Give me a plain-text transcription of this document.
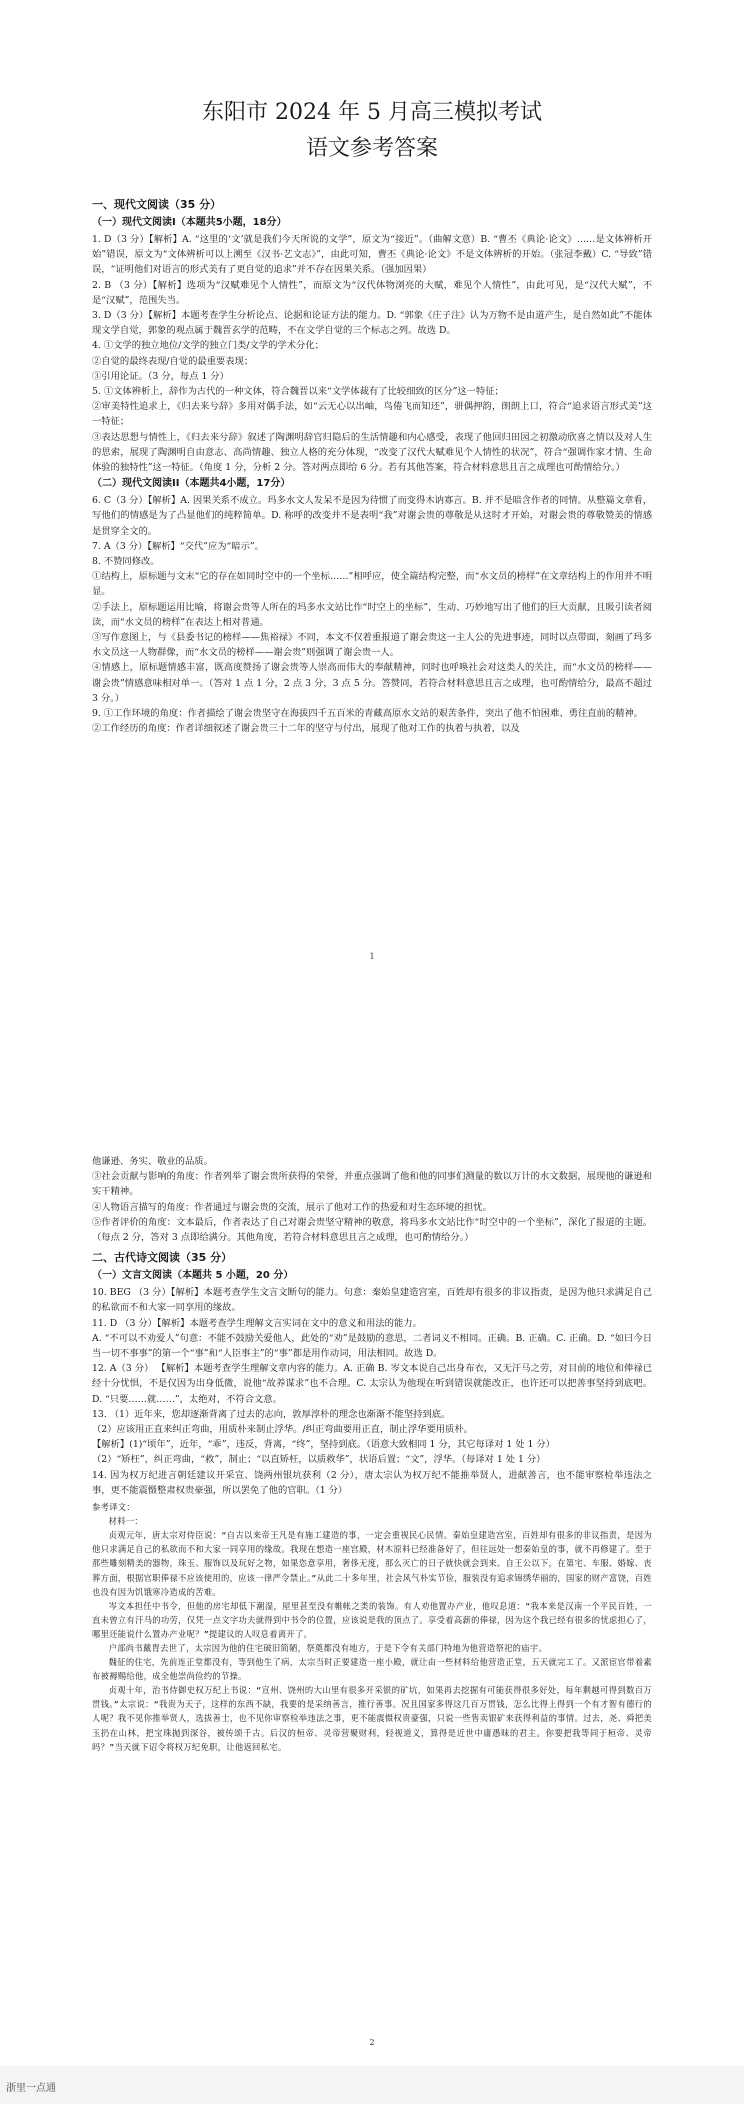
东阳市 2024 年 5 月高三模拟考试
语文参考答案
一、现代文阅读（35 分）
（一）现代文阅读I（本题共5小题，18分）

1. D（3 分）【解析】A. “这里的‘文’就是我们今天所说的文学”，原文为“接近”。（曲解文意）B. “曹丕《典论·论文》……是文体辨析开始”错误，原文为“文体辨析可以上溯至《汉书·艺文志》”，由此可知，曹丕《典论·论文》不是文体辨析的开始。（张冠李戴）C. “导致”错误，“证明他们对语言的形式美有了更自觉的追求”并不存在因果关系。（强加因果）

2. B （3 分）【解析】选项为“汉赋难见个人情性”，而原文为“汉代体物浏亮的大赋，难见个人情性”，由此可见，是“汉代大赋”，不是“汉赋”，范围失当。

3. D（3 分）【解析】本题考查学生分析论点、论据和论证方法的能力。D. “郭象《庄子注》认为万物不是由道产生，是自然如此”不能体现文学自觉，郭象的观点属于魏晋玄学的范畴，不在文学自觉的三个标志之列。故选 D。

4. ①文学的独立地位/文学的独立门类/文学的学术分化；

②自觉的最终表现/自觉的最重要表现；

③引用论证。（3 分，每点 1 分）

5. ①文体辨析上，辞作为古代的一种文体，符合魏晋以来“文学体裁有了比较细致的区分”这一特征；

②审美特性追求上，《归去来兮辞》多用对偶手法，如“云无心以出岫，鸟倦飞而知还”，骈偶押韵，朗朗上口，符合“追求语言形式美”这一特征；

③表达思想与情性上，《归去来兮辞》叙述了陶渊明辞官归隐后的生活情趣和内心感受，表现了他回归田园之初激动欣喜之情以及对人生的思索，展现了陶渊明自由意志、高尚情趣、独立人格的充分体现，“改变了汉代大赋难见个人情性的状况”，符合“强调作家才情、生命体验的独特性”这一特征。（角度 1 分，分析 2 分。答对两点即给 6 分。若有其他答案，符合材料意思且言之成理也可酌情给分。）

（二）现代文阅读II（本题共4小题，17分）

6. C（3 分）【解析】A. 因果关系不成立。玛多水文人发呆不是因为待惯了而变得木讷寡言。B. 并不是暗含作者的同情。从整篇文章看，写他们的情感是为了凸显他们的纯粹简单。D. 称呼的改变并不是表明“我”对谢会贵的尊敬是从这时才开始，对谢会贵的尊敬赞美的情感是贯穿全文的。

7. A（3 分）【解析】“交代”应为“暗示”。

8. 不赞同修改。

①结构上，原标题与文末“它的存在如同时空中的一个坐标……”相呼应，使全篇结构完整，而“水文员的榜样”在文章结构上的作用并不明显。

②手法上，原标题运用比喻，将谢会贵等人所在的玛多水文站比作“时空上的坐标”，生动、巧妙地写出了他们的巨大贡献，且吸引读者阅读，而“水文员的榜样”在表达上相对普通。

③写作意图上，与《县委书记的榜样——焦裕禄》不同，本文不仅着重报道了谢会贵这一主人公的先进事迹，同时以点带面，刻画了玛多水文员这一人物群像，而“水文员的榜样——谢会贵”则强调了谢会贵一人。

④情感上，原标题情感丰富，既高度赞扬了谢会贵等人崇高而伟大的奉献精神，同时也呼唤社会对这类人的关注，而“水文员的榜样——谢会贵”情感意味相对单一。（答对 1 点 1 分，2 点 3 分，3 点 5 分。答赞同，若符合材料意思且言之成理，也可酌情给分，最高不超过 3 分。）

9. ①工作环境的角度：作者描绘了谢会贵坚守在海拔四千五百米的青藏高原水文站的艰苦条件，突出了他不怕困难、勇往直前的精神。

②工作经历的角度：作者详细叙述了谢会贵三十二年的坚守与付出，展现了他对工作的执着与执着，以及

1

他谦逊、务实、敬业的品质。

③社会贡献与影响的角度：作者列举了谢会贵所获得的荣誉，并重点强调了他和他的同事们测量的数以万计的水文数据，展现他的谦逊和实干精神。

④人物语言描写的角度：作者通过与谢会贵的交流，展示了他对工作的热爱和对生态环境的担忧。

⑤作者评价的角度：文本最后，作者表达了自己对谢会贵坚守精神的敬意，将玛多水文站比作“时空中的一个坐标”，深化了报道的主题。（每点 2 分，答对 3 点即给满分。其他角度，若符合材料意思且言之成理，也可酌情给分。）

二、古代诗文阅读（35 分）
（一）文言文阅读（本题共 5 小题，20 分）

10. BEG （3 分）【解析】本题考查学生文言文断句的能力。句意：秦始皇建造宫室，百姓却有很多的非议指责，是因为他只求满足自己的私欲而不和大家一同享用的缘故。

11. D （3 分）【解析】本题考查学生理解文言实词在文中的意义和用法的能力。

A. “不可以不劝爱人”句意：不能不鼓励关爱他人，此处的“劝”是鼓励的意思，二者词义不相同。正确。B. 正确。C. 正确。D. “如曰今日当一切不事事”的第一个“事”和“人臣事主”的“事”都是用作动词，用法相同。故选 D。

12. A（3 分） 【解析】本题考查学生理解文章内容的能力。A. 正确 B. 岑文本说自己出身布衣，又无汗马之劳，对目前的地位和俸禄已经十分忧惧，不是仅因为出身低微，说他“故养谋求”也不合理。C. 太宗认为他现在听到错误就能改正，也许还可以把善事坚持到底吧。D. “只要……就……”，太绝对，不符合文意。

13. （1）近年来，您却逐渐背离了过去的志向，敦厚淳朴的理念也渐渐不能坚持到底。

（2）应该用正直来纠正弯曲，用质朴来制止浮华。/纠正弯曲要用正直，制止浮华要用质朴。

【解析】(1)“顷年”，近年，“乖”，违反，背离，“终”，坚持到底。（语意大致相同 1 分，其它每译对 1 处 1 分）

（2）“矫枉”，纠正弯曲，“救”，制止；“以直矫枉，以质救华”，状语后置；“文”，浮华。（每译对 1 处 1 分）

14. 因为权万纪进言朝廷建议开采宣、饶两州银坑获利（2 分），唐太宗认为权万纪不能推举贤人，进献善言，也不能审察检举违法之事，更不能震慑整肃权贵豪强，所以罢免了他的官职。（1 分）

参考译文：

材料一：

贞观元年，唐太宗对侍臣说：“自古以来帝王凡是有施工建造的事，一定会重视民心民情。秦始皇建造宫室，百姓却有很多的非议指责，是因为他只求满足自己的私欲而不和大家一同享用的缘故。我现在想造一座宫殿，材木原料已经准备好了，但往远处一想秦始皇的事，就不再修建了。至于那些雕刻精美的器物，珠玉、服饰以及玩好之物，如果恣意享用，奢侈无度，那么灭亡的日子就快就会到来。自王公以下，在第宅、车服、婚嫁、丧葬方面，根据官职俸禄不应该使用的，应该一律严令禁止。”从此二十多年里，社会风气朴实节俭，服装没有追求锦绣华丽的，国家的财产富饶，百姓也没有因为饥饿寒冷造成的苦难。

岑文本担任中书令，但他的房宅却低下潮湿，屋里甚至没有帷帐之类的装饰。有人劝他置办产业，他叹息道：“我本来是汉南一个平民百姓，一直未曾立有汗马的功劳，仅凭一点文字功夫就得到中书令的位置，应该说是我的顶点了。享受着高薪的俸禄，因为这个我已经有很多的忧虑担心了，哪里还能说什么置办产业呢？”提建议的人叹息着离开了。

户部尚书戴胄去世了，太宗因为他的住宅破旧简陋，祭奠都没有地方，于是下令有关部门特地为他营造祭祀的庙宇。

魏征的住宅，先前连正堂都没有，等到他生了病，太宗当时正要建造一座小殿，就让由一些材料给他营造正堂，五天就完工了。又派宦官带着素布被褥赐给他，成全他崇尚俭约的节操。

贞观十年，治书侍御史权万纪上书说：“宣州、饶州的大山里有很多开采银的矿坑，如果再去挖掘有可能获得很多好处，每年剩越可得到数百万贯钱。”太宗说：“我贵为天子，这样的东西不缺，我要的是采纳善言，推行善事。况且国家多得这几百万贯钱，怎么比得上得到一个有才智有德行的人呢？我不见你推举贤人，选拔善士，也不见你审察检举违法之事，更不能震慑权贵豪强，只说一些售卖银矿来获得利益的事情。过去，尧、舜把美玉扔在山林，把宝珠抛到深谷，被传颂千古。后汉的桓帝、灵帝营聚财利，轻视道义，算得是近世中庸愚昧的君主。你要把我等同于桓帝、灵帝吗？”当天就下诏令将权万纪免职，让他返回私宅。

2
浙里一点通
